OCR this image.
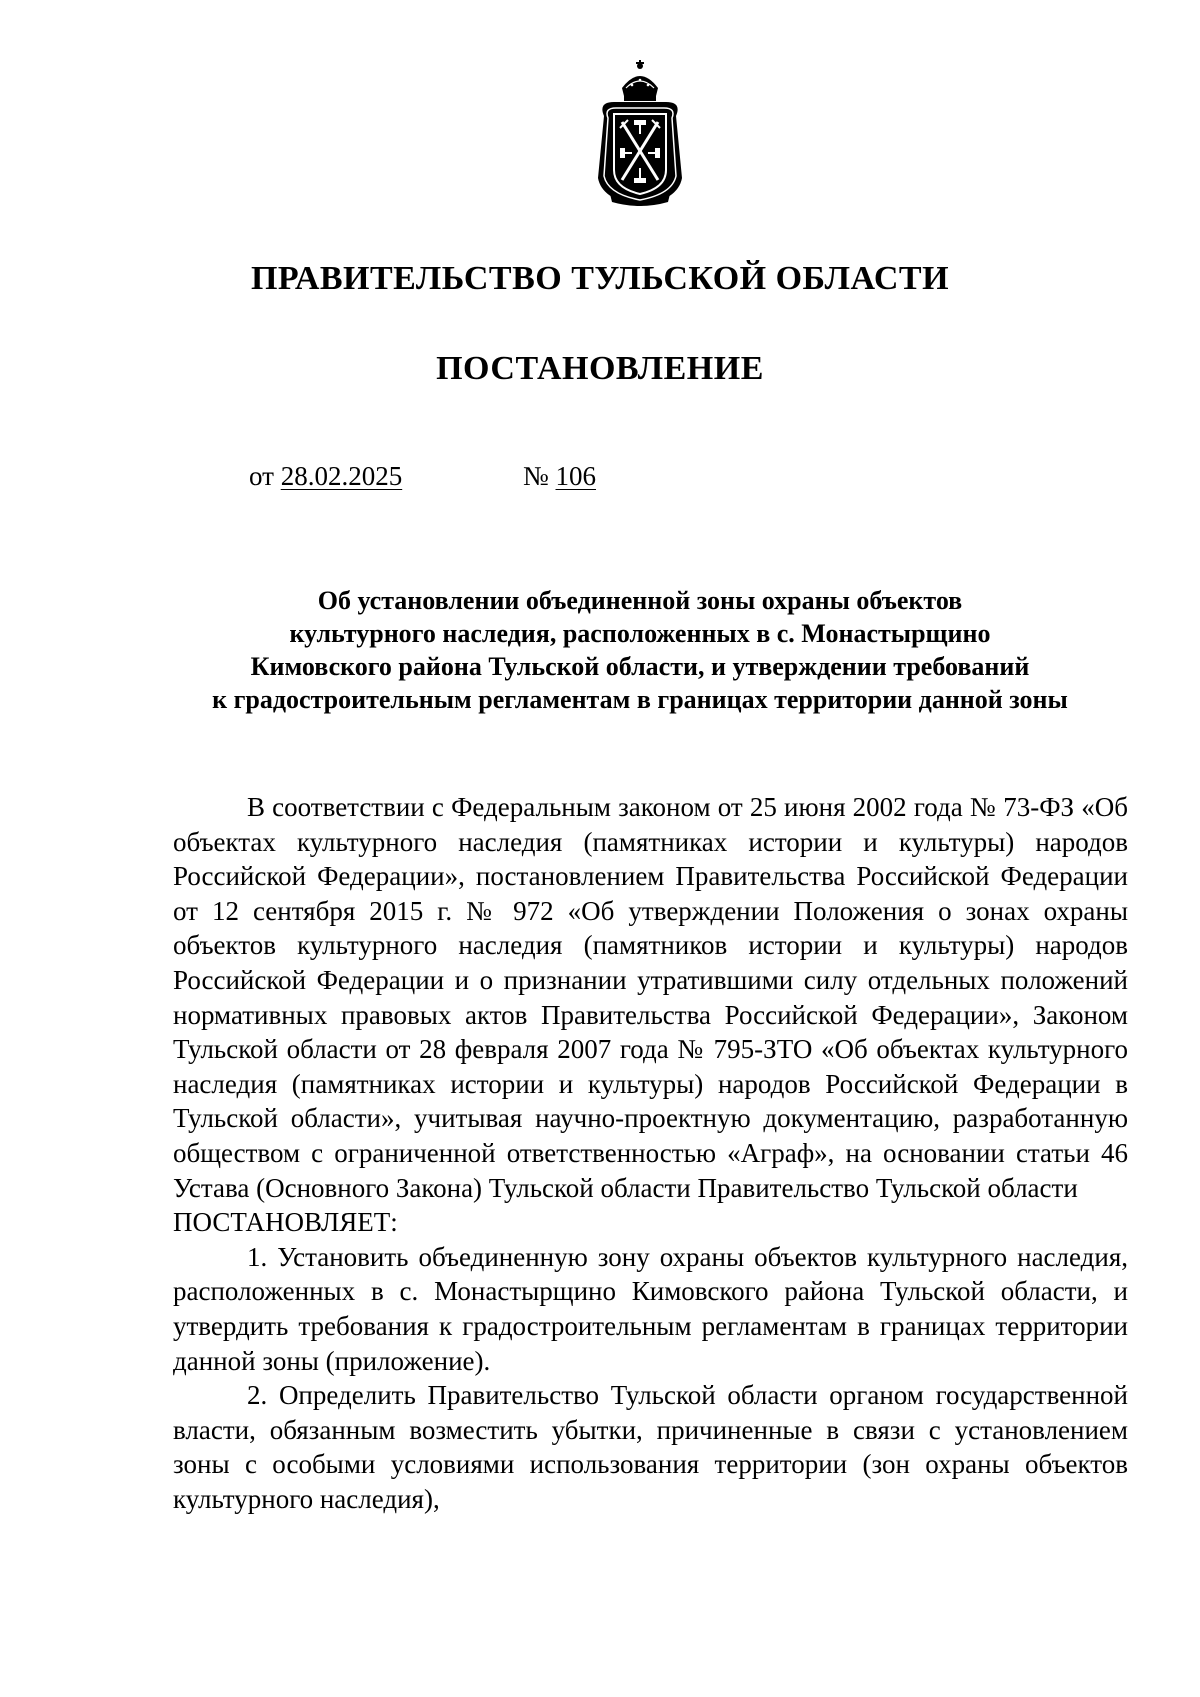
ПРАВИТЕЛЬСТВО ТУЛЬСКОЙ ОБЛАСТИ
ПОСТАНОВЛЕНИЕ
от 28.02.2025	№ 106
Об установлении объединенной зоны охраны объектов
культурного наследия, расположенных в с. Монастырщино
Кимовского района Тульской области, и утверждении требований
к градостроительным регламентам в границах территории данной зоны

В соответствии с Федеральным законом от 25 июня 2002 года № 73-ФЗ «Об объектах культурного наследия (памятниках истории и культуры) народов Российской Федерации», постановлением Правительства Российской Федерации от 12 сентября 2015 г. № 972 «Об утверждении Положения о зонах охраны объектов культурного наследия (памятников истории и культуры) народов Российской Федерации и о признании утратившими силу отдельных положений нормативных правовых актов Правительства Российской Федерации», Законом Тульской области от 28 февраля 2007 года № 795-ЗТО «Об объектах культурного наследия (памятниках истории и культуры) народов Российской Федерации в Тульской области», учитывая научно-проектную документацию, разработанную обществом с ограниченной ответственностью «Аграф», на основании статьи 46 Устава (Основного Закона) Тульской области Правительство Тульской области

ПОСТАНОВЛЯЕТ:

1. Установить объединенную зону охраны объектов культурного наследия, расположенных в с. Монастырщино Кимовского района Тульской области, и утвердить требования к градостроительным регламентам в границах территории данной зоны (приложение).

2. Определить Правительство Тульской области органом государственной власти, обязанным возместить убытки, причиненные в связи с установлением зоны с особыми условиями использования территории (зон охраны объектов культурного наследия),
